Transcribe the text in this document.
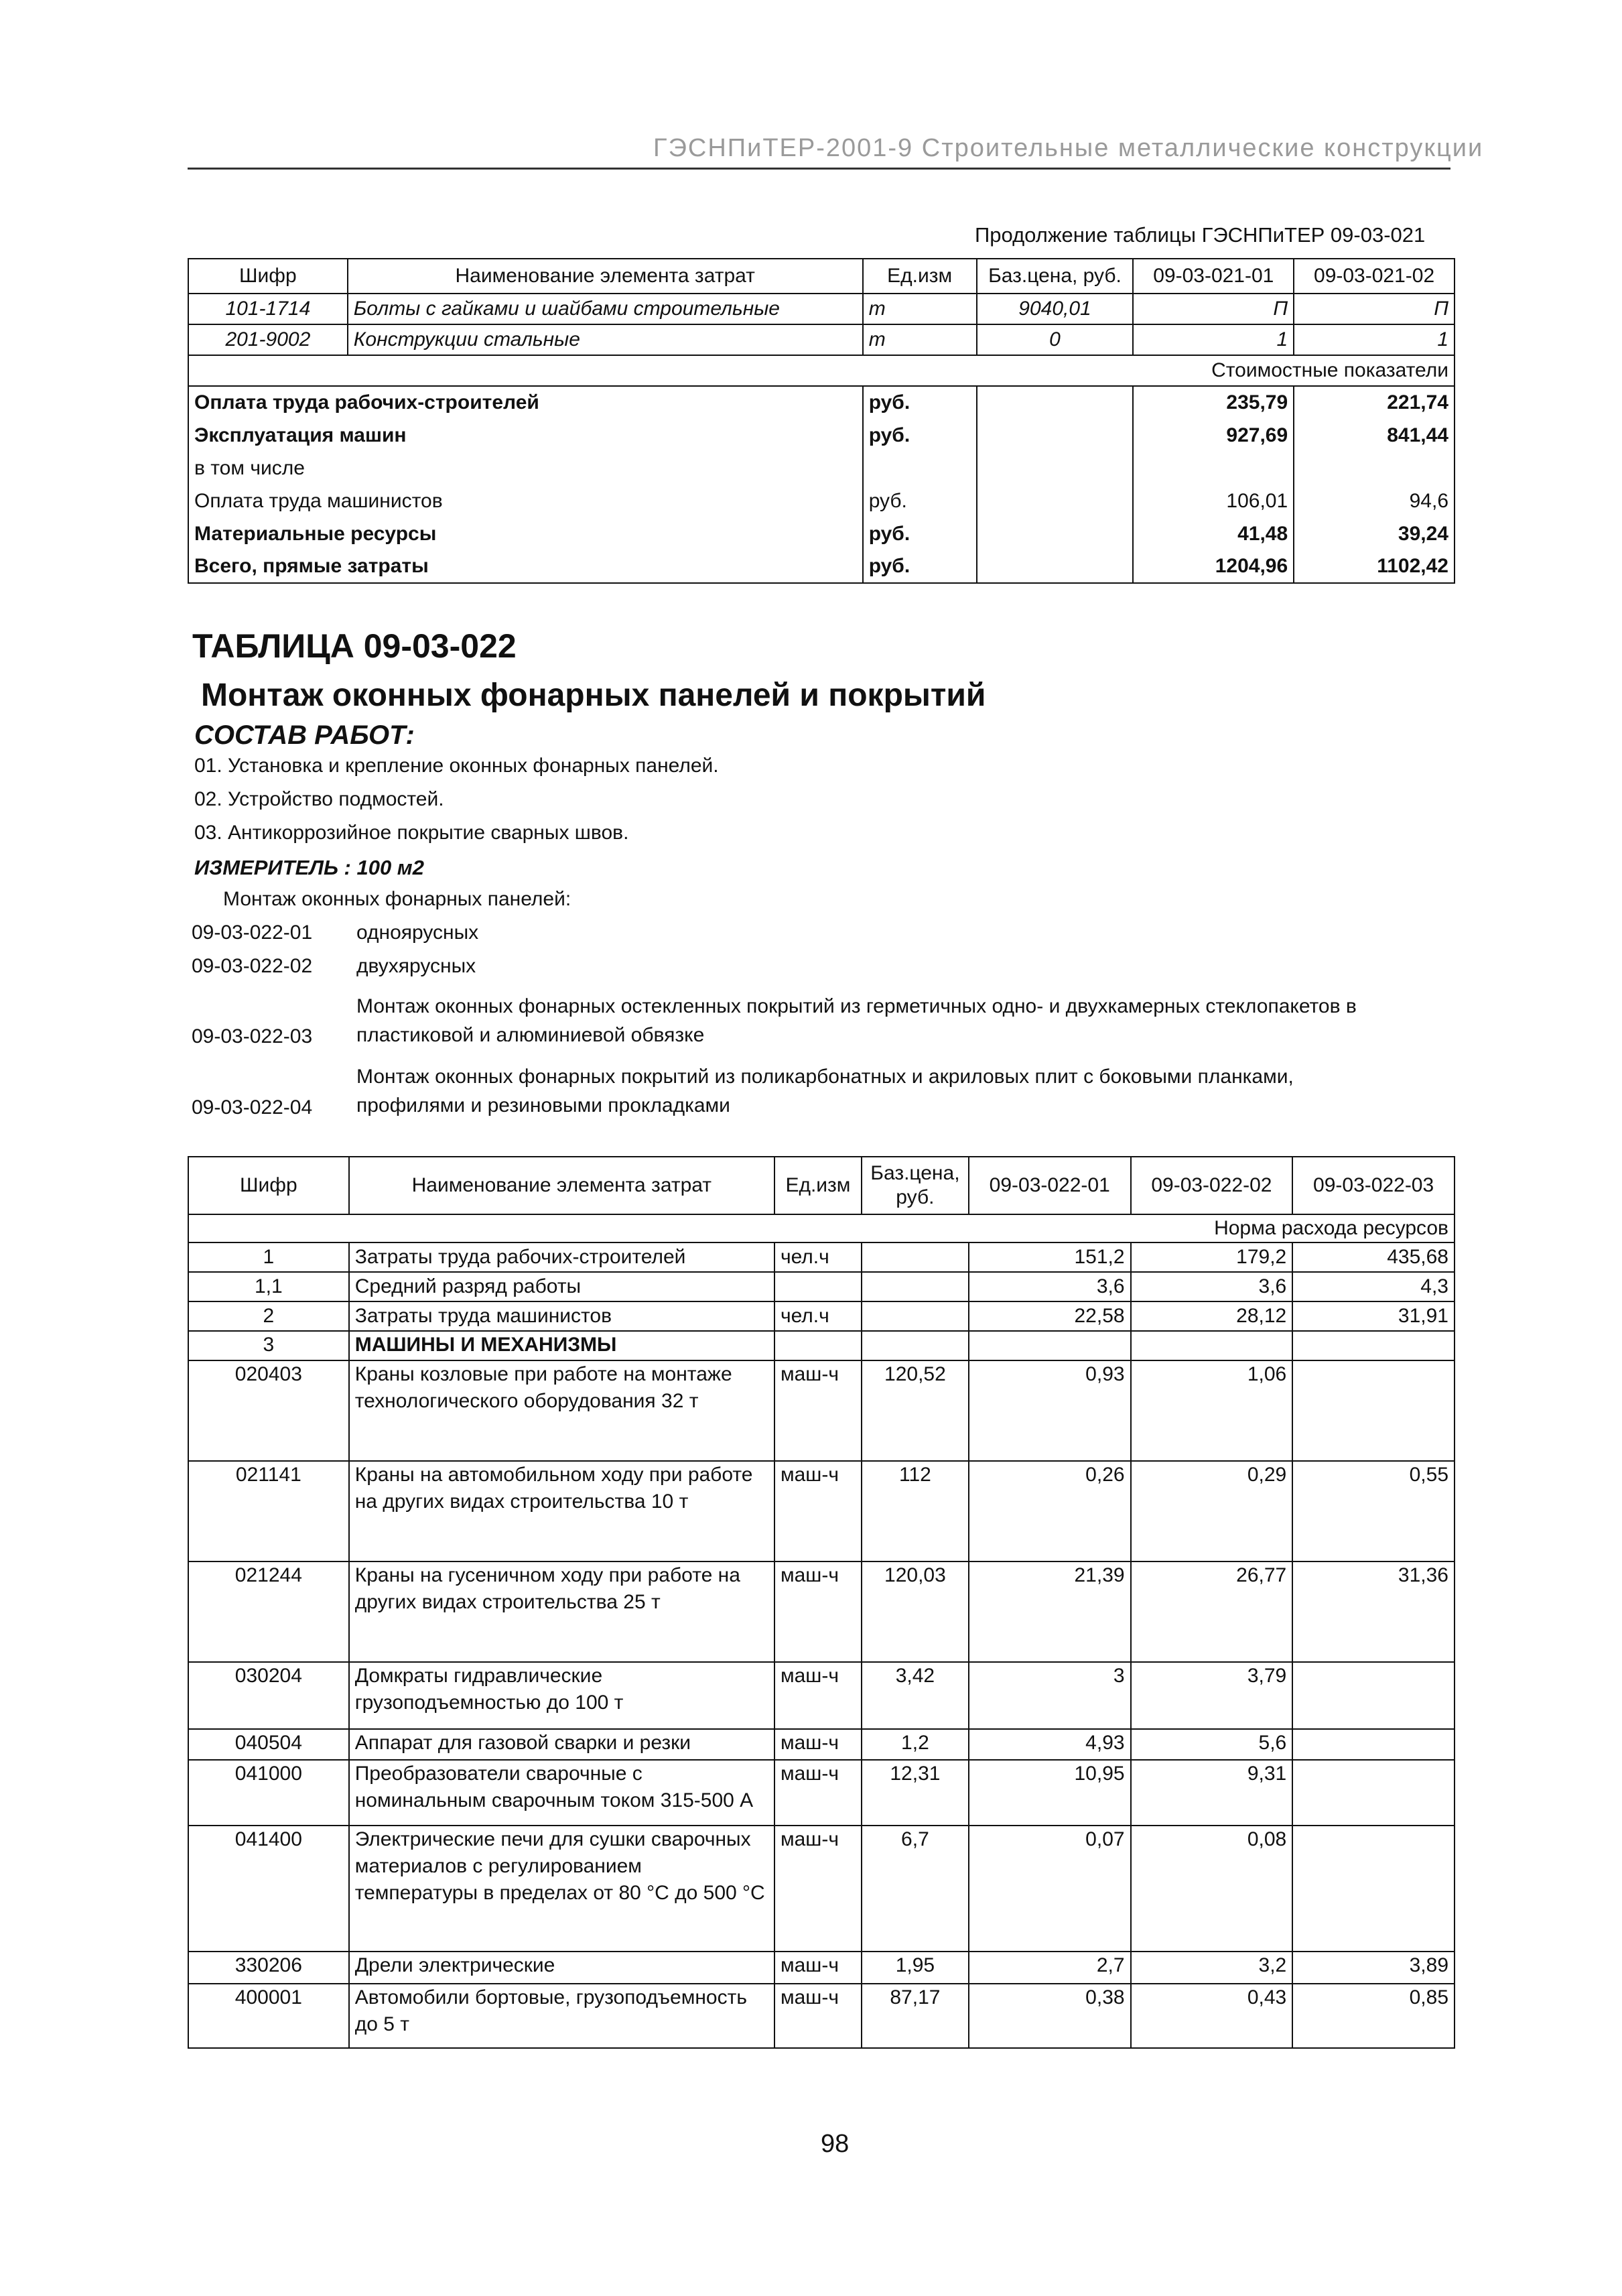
ГЭСНПиТЕР-2001-9 Строительные металлические конструкции
Продолжение таблицы ГЭСНПиТЕР 09-03-021
Шифр	Наименование элемента затрат	Ед.изм	Баз.цена, руб.	09-03-021-01	09-03-021-02
101-1714	Болты с гайками и шайбами строительные	т	9040,01	П	П
201-9002	Конструкции стальные	т	0	1	1
Стоимостные показатели					
Оплата труда рабочих-строителей		руб.		235,79	221,74
Эксплуатация машин		руб.		927,69	841,44
в том числе					
Оплата труда машинистов		руб.		106,01	94,6
Материальные ресурсы		руб.		41,48	39,24
Всего, прямые затраты		руб.		1204,96	1102,42
ТАБЛИЦА 09-03-022
Монтаж оконных фонарных панелей и покрытий
СОСТАВ РАБОТ:
01. Установка и крепление оконных фонарных панелей.
02. Устройство подмостей.
03. Антикоррозийное покрытие сварных швов.
ИЗМЕРИТЕЛЬ : 100 м2
Монтаж оконных фонарных панелей:
09-03-022-01 одноярусных
09-03-022-02 двухярусных
Монтаж оконных фонарных остекленных покрытий из герметичных одно- и двухкамерных стеклопакетов в
09-03-022-03 пластиковой и алюминиевой обвязке
Монтаж оконных фонарных покрытий из поликарбонатных и акриловых плит с боковыми планками,
09-03-022-04 профилями и резиновыми прокладками
Шифр	Наименование элемента затрат	Ед.изм	Баз.цена, руб.	09-03-022-01	09-03-022-02	09-03-022-03
Норма расхода ресурсов						
1	Затраты труда рабочих-строителей	чел.ч		151,2	179,2	435,68
1,1	Средний разряд работы			3,6	3,6	4,3
2	Затраты труда машинистов	чел.ч		22,58	28,12	31,91
3	МАШИНЫ И МЕХАНИЗМЫ					
020403	Краны козловые при работе на монтаже технологического оборудования 32 т	маш-ч	120,52	0,93	1,06	
021141	Краны на автомобильном ходу при работе на других видах строительства 10 т	маш-ч	112	0,26	0,29	0,55
021244	Краны на гусеничном ходу при работе на других видах строительства 25 т	маш-ч	120,03	21,39	26,77	31,36
030204	Домкраты гидравлические грузоподъемностью до 100 т	маш-ч	3,42	3	3,79	
040504	Аппарат для газовой сварки и резки	маш-ч	1,2	4,93	5,6	
041000	Преобразователи сварочные с номинальным сварочным током 315-500 А	маш-ч	12,31	10,95	9,31	
041400	Электрические печи для сушки сварочных материалов с регулированием температуры в пределах от 80 °С до 500 °С	маш-ч	6,7	0,07	0,08	
330206	Дрели электрические	маш-ч	1,95	2,7	3,2	3,89
400001	Автомобили бортовые, грузоподъемность до 5 т	маш-ч	87,17	0,38	0,43	0,85
98
